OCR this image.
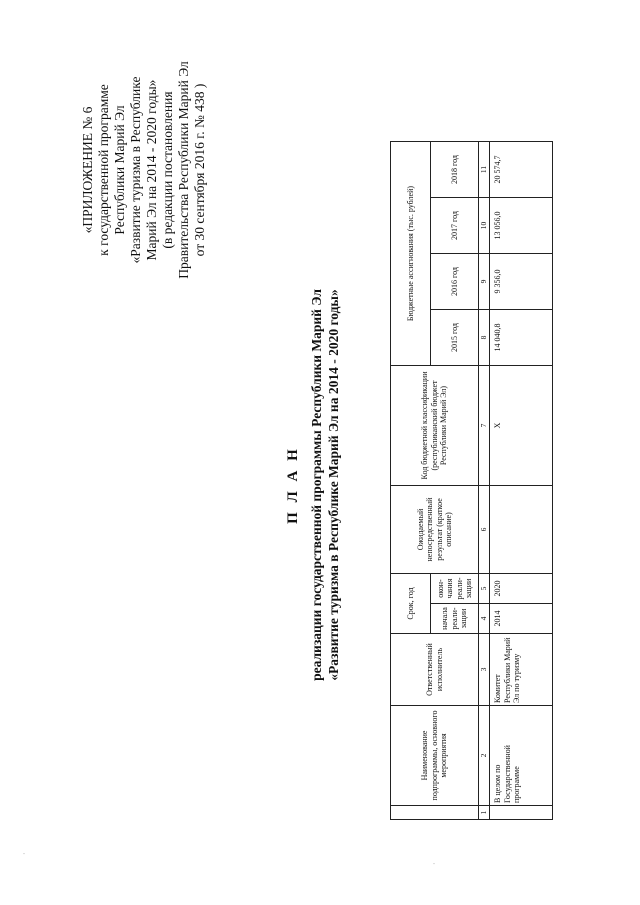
«ПРИЛОЖЕНИЕ № 6 к государственной программе Республики Марий Эл «Развитие туризма в Республике Марий Эл на 2014 - 2020 годы» (в редакции постановления Правительства Республики Марий Эл от 30 сентября 2016 г. № 438 )
П Л А Н реализации государственной программы Республики Марий Эл «Развитие туризма в Республике Марий Эл на 2014 - 2020 годы»
	Наименование подпрограммы, основного мероприятия	Ответственный исполнитель	Срок, год		Ожидаемый непосредственный результат (краткое описание)	Код бюджетной классификации (республиканский бюджет Республики Марий Эл)	Бюджетные ассигнования (тыс. рублей)			
			начала реали-зации	окон-чания реали-зации			2015 год	2016 год	2017 год	2018 год
1	2	3	4	5	6	7	8	9	10	11
	В целом по Государственной программе	Комитет Республики Марий Эл по туризму	2014	2020		Х	14 040,8	9 356,0	13 056,0	20 574,7
·
·
